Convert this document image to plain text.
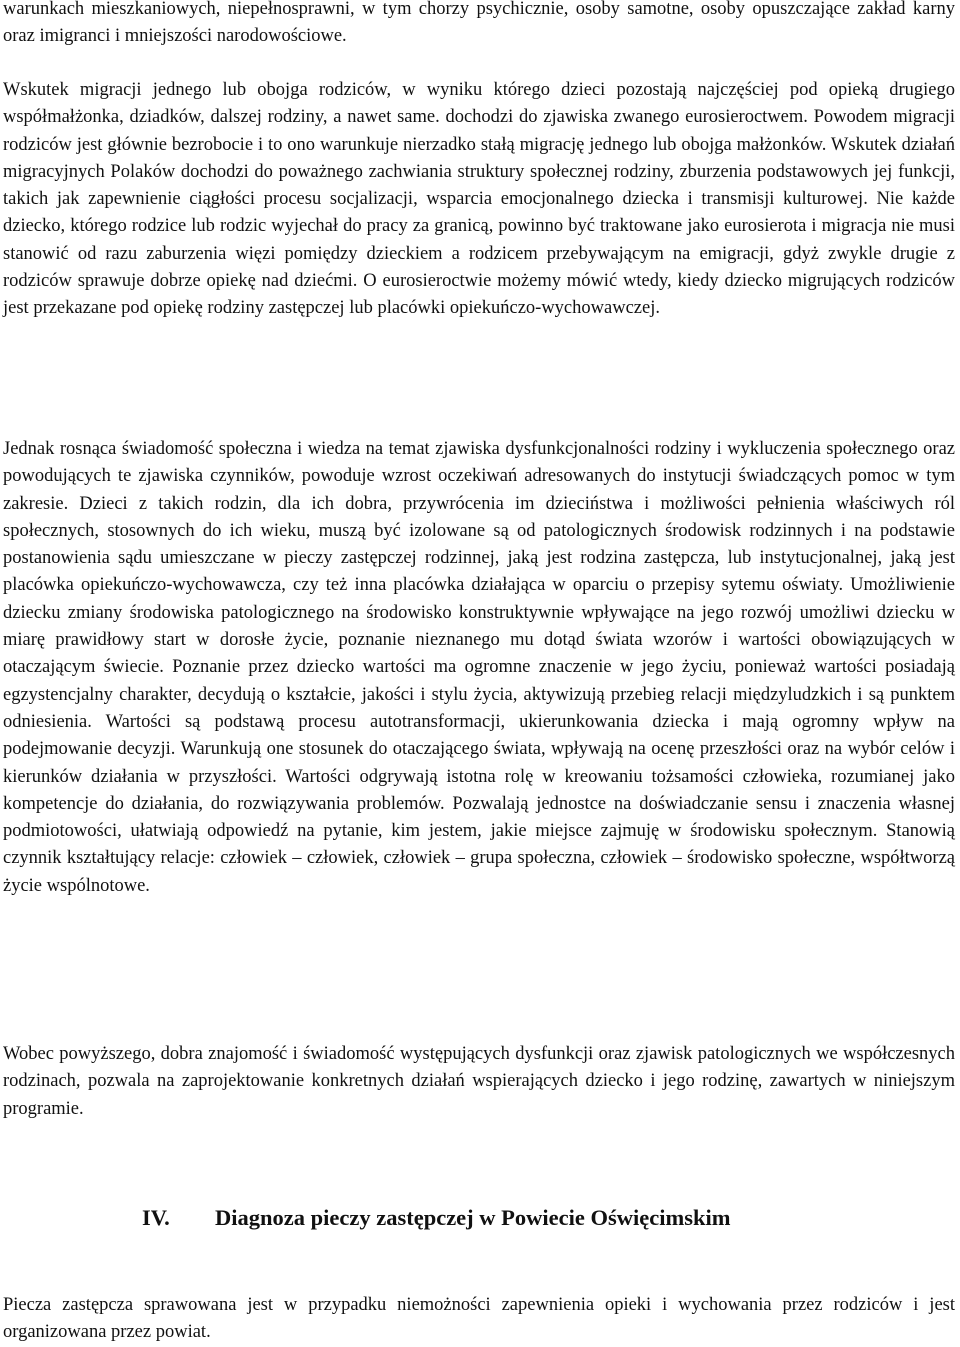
warunkach mieszkaniowych, niepełnosprawni, w tym chorzy psychicznie, osoby samotne, osoby opuszczające zakład karny oraz imigranci i mniejszości narodowościowe.

Wskutek migracji jednego lub obojga rodziców, w wyniku którego dzieci pozostają najczęściej pod opieką drugiego współmałżonka, dziadków, dalszej rodziny, a nawet same. dochodzi do zjawiska zwanego eurosieroctwem. Powodem migracji rodziców jest głównie bezrobocie i to ono warunkuje nierzadko stałą migrację jednego lub obojga małżonków. Wskutek działań migracyjnych Polaków dochodzi do poważnego zachwiania struktury społecznej rodziny, zburzenia podstawowych jej funkcji, takich jak zapewnienie ciągłości procesu socjalizacji, wsparcia emocjonalnego dziecka i transmisji kulturowej. Nie każde dziecko, którego rodzice lub rodzic wyjechał do pracy za granicą, powinno być traktowane jako eurosierota i migracja nie musi stanowić od razu zaburzenia więzi pomiędzy dzieckiem a rodzicem przebywającym na emigracji, gdyż zwykle drugie z rodziców sprawuje dobrze opiekę nad dziećmi. O eurosieroctwie możemy mówić wtedy, kiedy dziecko migrujących rodziców jest przekazane pod opiekę rodziny zastępczej lub placówki opiekuńczo-wychowawczej.

Jednak rosnąca świadomość społeczna i wiedza na temat zjawiska dysfunkcjonalności rodziny i wykluczenia społecznego oraz powodujących te zjawiska czynników, powoduje wzrost oczekiwań adresowanych do instytucji świadczących pomoc w tym zakresie. Dzieci z takich rodzin, dla ich dobra, przywrócenia im dzieciństwa i możliwości pełnienia właściwych ról społecznych, stosownych do ich wieku, muszą być izolowane są od patologicznych środowisk rodzinnych i na podstawie postanowienia sądu umieszczane w pieczy zastępczej rodzinnej, jaką jest rodzina zastępcza, lub instytucjonalnej, jaką jest placówka opiekuńczo-wychowawcza, czy też inna placówka działająca w oparciu o przepisy sytemu oświaty. Umożliwienie dziecku zmiany środowiska patologicznego na środowisko konstruktywnie wpływające na jego rozwój umożliwi dziecku w miarę prawidłowy start w dorosłe życie, poznanie nieznanego mu dotąd świata wzorów i wartości obowiązujących w otaczającym świecie. Poznanie przez dziecko wartości ma ogromne znaczenie w jego życiu, ponieważ wartości posiadają egzystencjalny charakter, decydują o kształcie, jakości i stylu życia, aktywizują przebieg relacji międzyludzkich i są punktem odniesienia. Wartości są podstawą procesu autotransformacji, ukierunkowania dziecka i mają ogromny wpływ na podejmowanie decyzji. Warunkują one stosunek do otaczającego świata, wpływają na ocenę przeszłości oraz na wybór celów i kierunków działania w przyszłości. Wartości odgrywają istotna rolę w kreowaniu tożsamości człowieka, rozumianej jako kompetencje do działania, do rozwiązywania problemów. Pozwalają jednostce na doświadczanie sensu i znaczenia własnej podmiotowości, ułatwiają odpowiedź na pytanie, kim jestem, jakie miejsce zajmuję w środowisku społecznym. Stanowią czynnik kształtujący relacje: człowiek – człowiek, człowiek – grupa społeczna, człowiek – środowisko społeczne, współtworzą życie wspólnotowe.

Wobec powyższego, dobra znajomość i świadomość występujących dysfunkcji oraz zjawisk patologicznych we współczesnych rodzinach, pozwala na zaprojektowanie konkretnych działań wspierających dziecko i jego rodzinę, zawartych w niniejszym programie.

IV. Diagnoza pieczy zastępczej w Powiecie Oświęcimskim

Piecza zastępcza sprawowana jest w przypadku niemożności zapewnienia opieki i wychowania przez rodziców i jest organizowana przez powiat.
